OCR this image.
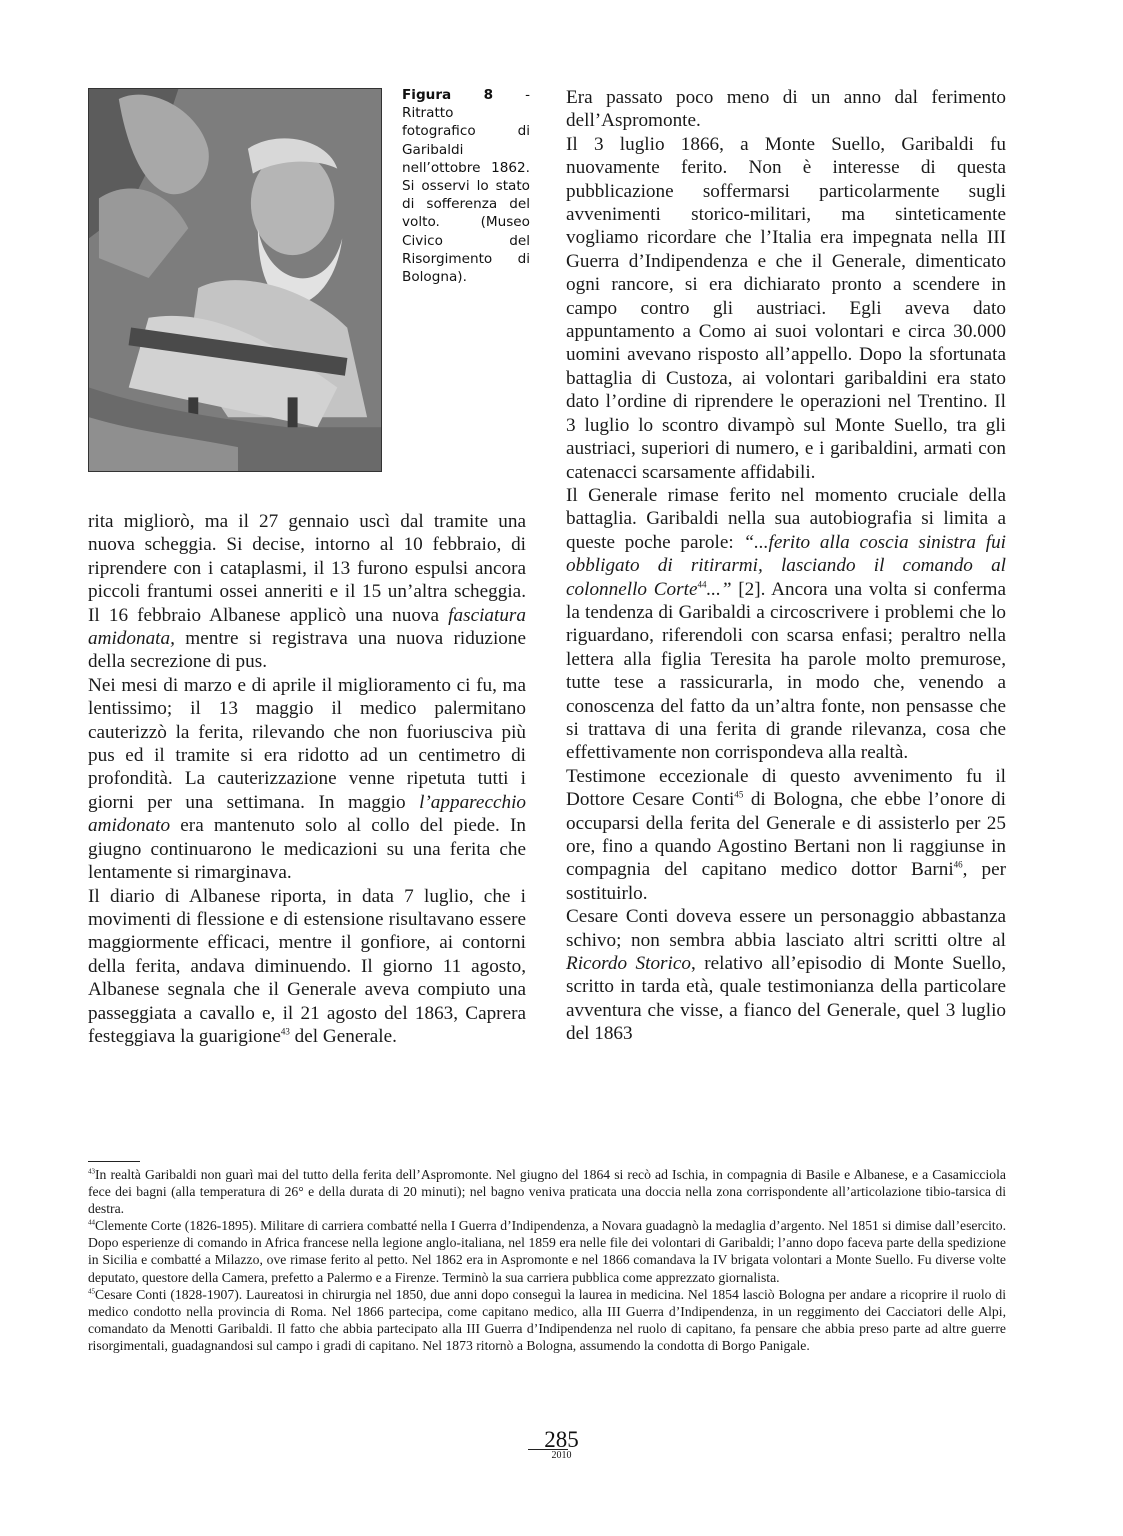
Figura 8 - Ritratto fotografico di Garibaldi nell’ottobre 1862. Si osservi lo stato di sofferenza del volto. (Museo Civico del Risorgimento di Bologna).

rita migliorò, ma il 27 gennaio uscì dal tramite una nuova scheggia. Si decise, intorno al 10 febbraio, di riprendere con i cataplasmi, il 13 furono espulsi ancora piccoli frantumi ossei anneriti e il 15 un’altra scheggia. Il 16 febbraio Albanese applicò una nuova fasciatura amidonata, mentre si registrava una nuova riduzione della secrezione di pus.

Nei mesi di marzo e di aprile il miglioramento ci fu, ma lentissimo; il 13 maggio il medico palermitano cauterizzò la ferita, rilevando che non fuoriusciva più pus ed il tramite si era ridotto ad un centimetro di profondità. La cauterizzazione venne ripetuta tutti i giorni per una settimana. In maggio l’apparecchio amidonato era mantenuto solo al collo del piede. In giugno continuarono le medicazioni su una ferita che lentamente si rimarginava.

Il diario di Albanese riporta, in data 7 luglio, che i movimenti di flessione e di estensione risultavano essere maggiormente efficaci, mentre il gonfiore, ai contorni della ferita, andava diminuendo. Il giorno 11 agosto, Albanese segnala che il Generale aveva compiuto una passeggiata a cavallo e, il 21 agosto del 1863, Caprera festeggiava la guarigione$^{43}$ del Generale.

Era passato poco meno di un anno dal ferimento dell’Aspromonte.

Il 3 luglio 1866, a Monte Suello, Garibaldi fu nuovamente ferito. Non è interesse di questa pubblicazione soffermarsi particolarmente sugli avvenimenti storico-militari, ma sinteticamente vogliamo ricordare che l’Italia era impegnata nella III Guerra d’Indipendenza e che il Generale, dimenticato ogni rancore, si era dichiarato pronto a scendere in campo contro gli austriaci. Egli aveva dato appuntamento a Como ai suoi volontari e circa 30.000 uomini avevano risposto all’appello. Dopo la sfortunata battaglia di Custoza, ai volontari garibaldini era stato dato l’ordine di riprendere le operazioni nel Trentino. Il 3 luglio lo scontro divampò sul Monte Suello, tra gli austriaci, superiori di numero, e i garibaldini, armati con catenacci scarsamente affidabili.

Il Generale rimase ferito nel momento cruciale della battaglia. Garibaldi nella sua autobiografia si limita a queste poche parole: “...ferito alla coscia sinistra fui obbligato di ritirarmi, lasciando il comando al colonnello Corte$^{44}$...” [2]. Ancora una volta si conferma la tendenza di Garibaldi a circoscrivere i problemi che lo riguardano, riferendoli con scarsa enfasi; peraltro nella lettera alla figlia Teresita ha parole molto premurose, tutte tese a rassicurarla, in modo che, venendo a conoscenza del fatto da un’altra fonte, non pensasse che si trattava di una ferita di grande rilevanza, cosa che effettivamente non corrispondeva alla realtà.

Testimone eccezionale di questo avvenimento fu il Dottore Cesare Conti$^{45}$ di Bologna, che ebbe l’onore di occuparsi della ferita del Generale e di assisterlo per 25 ore, fino a quando Agostino Bertani non li raggiunse in compagnia del capitano medico dottor Barni$^{46}$, per sostituirlo.

Cesare Conti doveva essere un personaggio abbastanza schivo; non sembra abbia lasciato altri scritti oltre al Ricordo Storico, relativo all’episodio di Monte Suello, scritto in tarda età, quale testimonianza della particolare avventura che visse, a fianco del Generale, quel 3 luglio del 1863

$^{43}$In realtà Garibaldi non guarì mai del tutto della ferita dell’Aspromonte. Nel giugno del 1864 si recò ad Ischia, in compagnia di Basile e Albanese, e a Casamicciola fece dei bagni (alla temperatura di 26° e della durata di 20 minuti); nel bagno veniva praticata una doccia nella zona corrispondente all’articolazione tibio-tarsica di destra.

$^{44}$Clemente Corte (1826-1895). Militare di carriera combatté nella I Guerra d’Indipendenza, a Novara guadagnò la medaglia d’argento. Nel 1851 si dimise dall’esercito. Dopo esperienze di comando in Africa francese nella legione anglo-italiana, nel 1859 era nelle file dei volontari di Garibaldi; l’anno dopo faceva parte della spedizione in Sicilia e combatté a Milazzo, ove rimase ferito al petto. Nel 1862 era in Aspromonte e nel 1866 comandava la IV brigata volontari a Monte Suello. Fu diverse volte deputato, questore della Camera, prefetto a Palermo e a Firenze. Terminò la sua carriera pubblica come apprezzato giornalista.

$^{45}$Cesare Conti (1828-1907). Laureatosi in chirurgia nel 1850, due anni dopo conseguì la laurea in medicina. Nel 1854 lasciò Bologna per andare a ricoprire il ruolo di medico condotto nella provincia di Roma. Nel 1866 partecipa, come capitano medico, alla III Guerra d’Indipendenza, in un reggimento dei Cacciatori delle Alpi, comandato da Menotti Garibaldi. Il fatto che abbia partecipato alla III Guerra d’Indipendenza nel ruolo di capitano, fa pensare che abbia preso parte ad altre guerre risorgimentali, guadagnandosi sul campo i gradi di capitano. Nel 1873 ritornò a Bologna, assumendo la condotta di Borgo Panigale.

285
2010
